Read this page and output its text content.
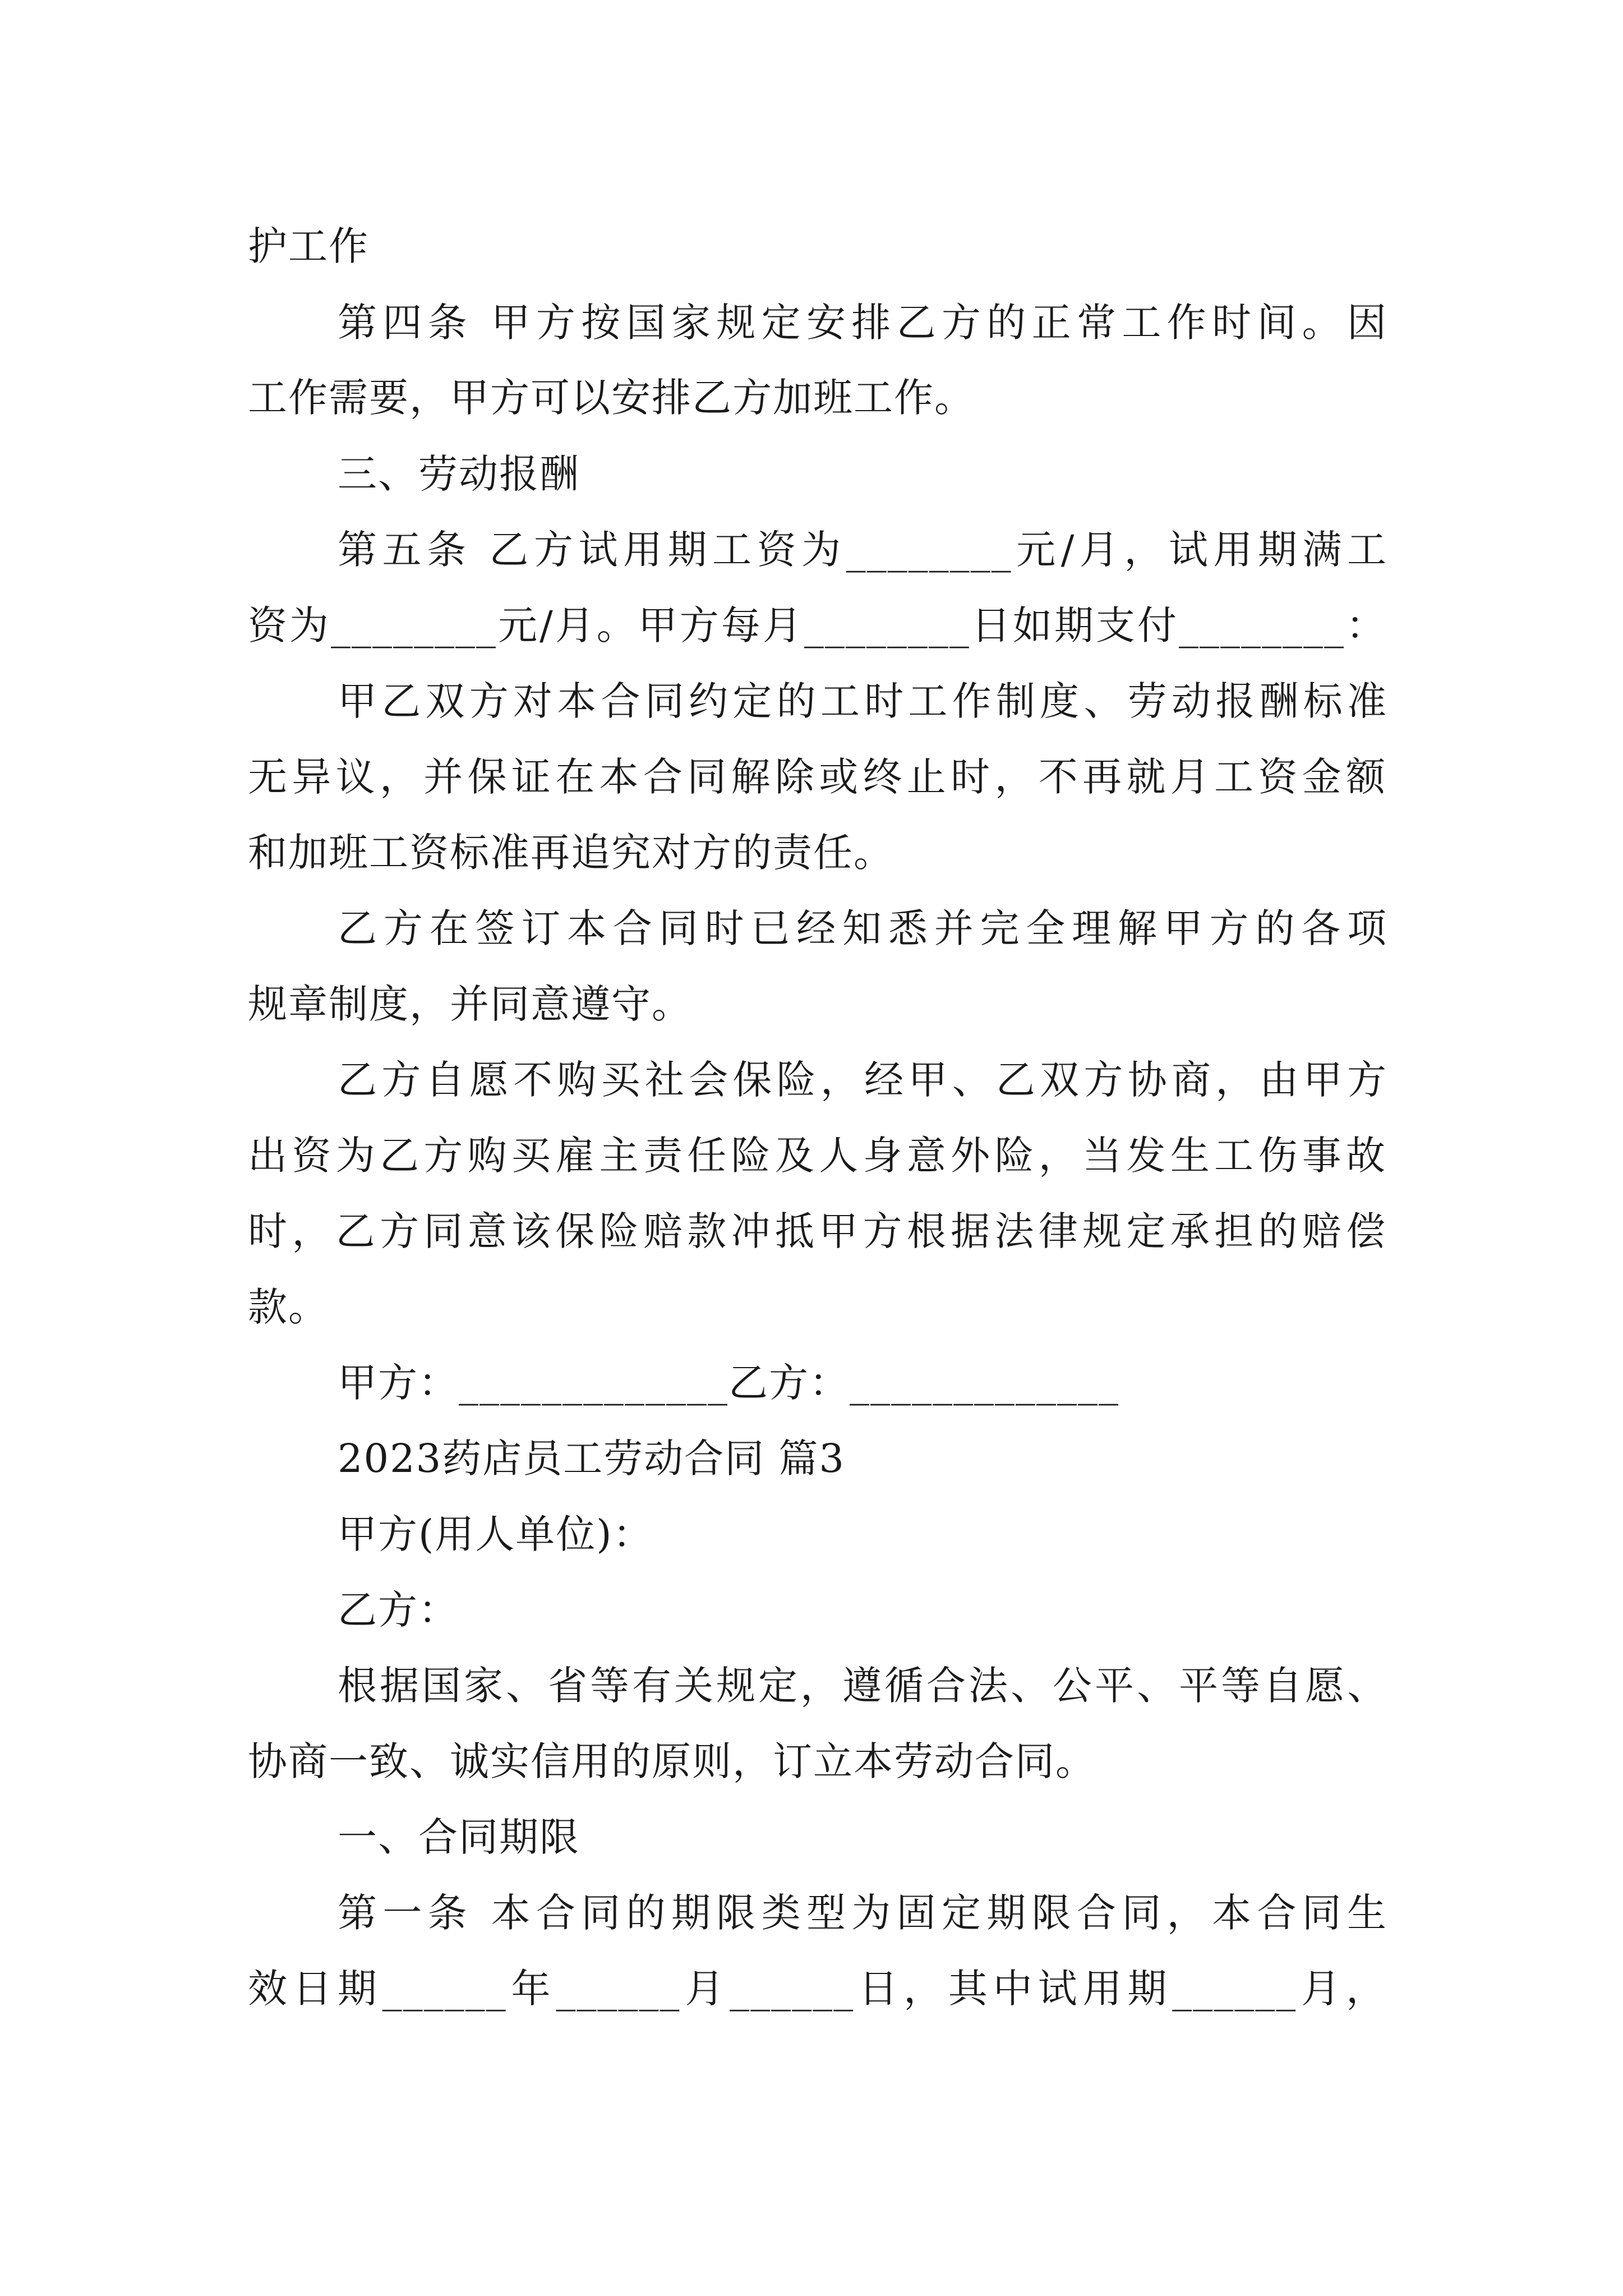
护工作
第四条 甲方按国家规定安排乙方的正常工作时间。因
工作需要，甲方可以安排乙方加班工作。
三、劳动报酬
第五条 乙方试用期工资为________元/月，试用期满工
资为________元/月。甲方每月________日如期支付________：
甲乙双方对本合同约定的工时工作制度、劳动报酬标准
无异议，并保证在本合同解除或终止时，不再就月工资金额
和加班工资标准再追究对方的责任。
乙方在签订本合同时已经知悉并完全理解甲方的各项
规章制度，并同意遵守。
乙方自愿不购买社会保险，经甲、乙双方协商，由甲方
出资为乙方购买雇主责任险及人身意外险，当发生工伤事故
时，乙方同意该保险赔款冲抵甲方根据法律规定承担的赔偿
款。
甲方：_____________乙方：_____________
2023药店员工劳动合同 篇3
甲方(用人单位)：
乙方：
根据国家、省等有关规定，遵循合法、公平、平等自愿、
协商一致、诚实信用的原则，订立本劳动合同。
一、合同期限
第一条 本合同的期限类型为固定期限合同，本合同生
效日期______年______月______日，其中试用期______月，
